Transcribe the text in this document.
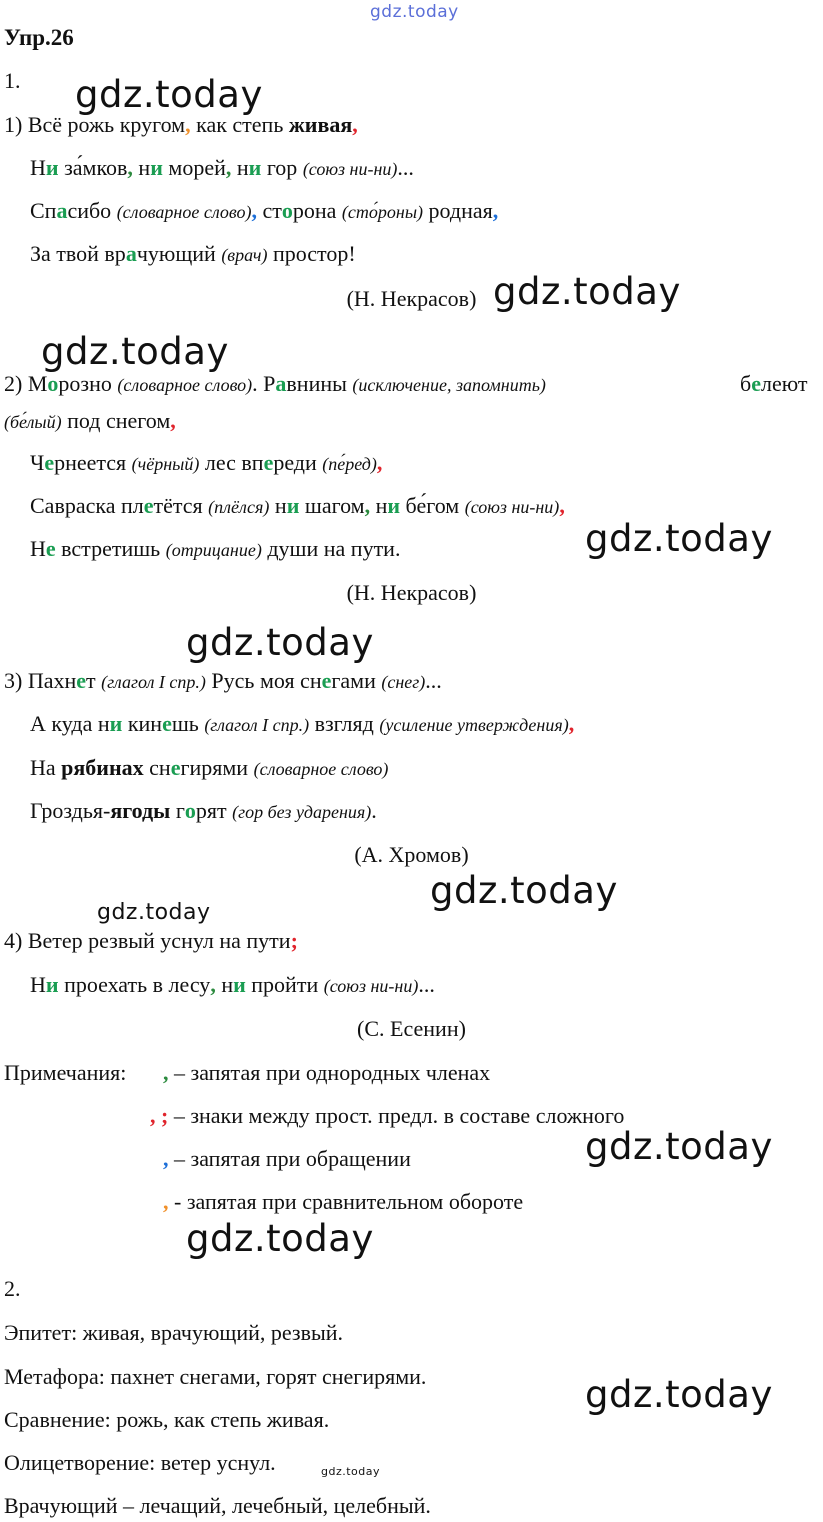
gdz.today
gdz.today
gdz.today
gdz.today
gdz.today
gdz.today
gdz.today
gdz.today
gdz.today
gdz.today
gdz.today
gdz.today
Упр.26
1.
1) Всё рожь кругом, как степь живая,
Ни за́мков, ни морей, ни гор (союз ни-ни)...
Спасибо (словарное слово), сторона (сто́роны) родная,
За твой врачующий (врач) простор!
(Н. Некрасов)
2) Морозно (словарное слово). Равнины (исключение, запомнить)	белеют
(бе́лый) под снегом,
Чернеется (чёрный) лес впереди (пе́ред),
Савраска плетётся (плёлся) ни шагом, ни бе́гом (союз ни-ни),
Не встретишь (отрицание) души на пути.
(Н. Некрасов)
3) Пахнет (глагол I спр.) Русь моя снегами (снег)...
А куда ни кинешь (глагол I спр.) взгляд (усиление утверждения),
На рябинах снегирями (словарное слово)
Гроздья-ягоды горят (гор без ударения).
(А. Хромов)
4) Ветер резвый уснул на пути;
Ни проехать в лесу, ни пройти (союз ни-ни)...
(С. Есенин)
Примечания: , – запятая при однородных членах
, ; – знаки между прост. предл. в составе сложного
, – запятая при обращении
, - запятая при сравнительном обороте
2.
Эпитет: живая, врачующий, резвый.
Метафора: пахнет снегами, горят снегирями.
Сравнение: рожь, как степь живая.
Олицетворение: ветер уснул.
Врачующий – лечащий, лечебный, целебный.
